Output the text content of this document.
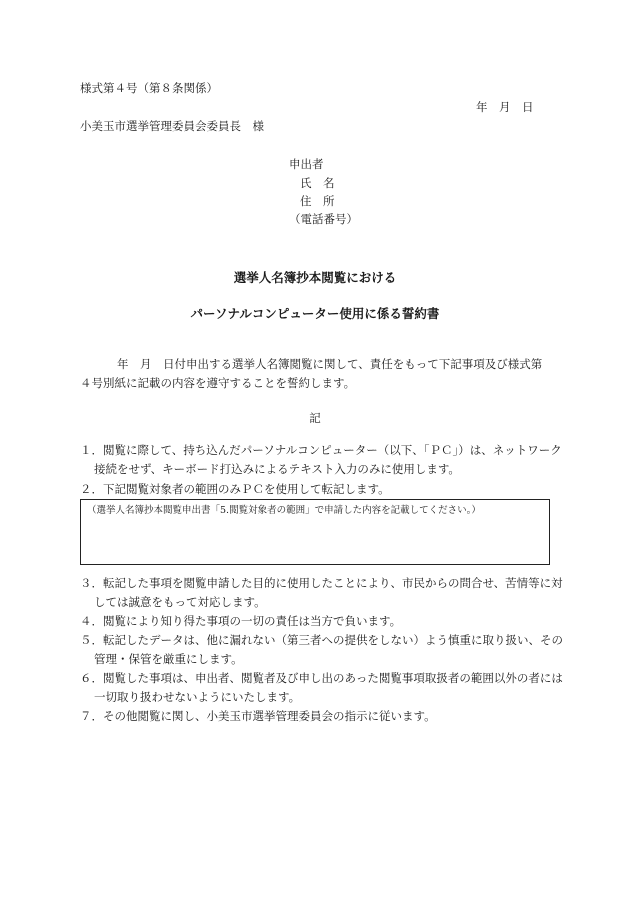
様式第４号（第８条関係）
年　月　日
小美玉市選挙管理委員会委員長　様
申出者
氏　名
住　所
（電話番号）
選挙人名簿抄本閲覧における
パーソナルコンピューター使用に係る誓約書
年　月　日付申出する選挙人名簿閲覧に関して、責任をもって下記事項及び様式第４号別紙に記載の内容を遵守することを誓約します。
記
１．閲覧に際して、持ち込んだパーソナルコンピューター（以下、「ＰＣ」）は、ネットワーク接続をせず、キーボード打込みによるテキスト入力のみに使用します。
２．下記閲覧対象者の範囲のみＰＣを使用して転記します。
（選挙人名簿抄本閲覧申出書「5.閲覧対象者の範囲」で申請した内容を記載してください。）
３．転記した事項を閲覧申請した目的に使用したことにより、市民からの問合せ、苦情等に対しては誠意をもって対応します。
４．閲覧により知り得た事項の一切の責任は当方で負います。
５．転記したデータは、他に漏れない（第三者への提供をしない）よう慎重に取り扱い、その管理・保管を厳重にします。
６．閲覧した事項は、申出者、閲覧者及び申し出のあった閲覧事項取扱者の範囲以外の者には一切取り扱わせないようにいたします。
７．その他閲覧に関し、小美玉市選挙管理委員会の指示に従います。
